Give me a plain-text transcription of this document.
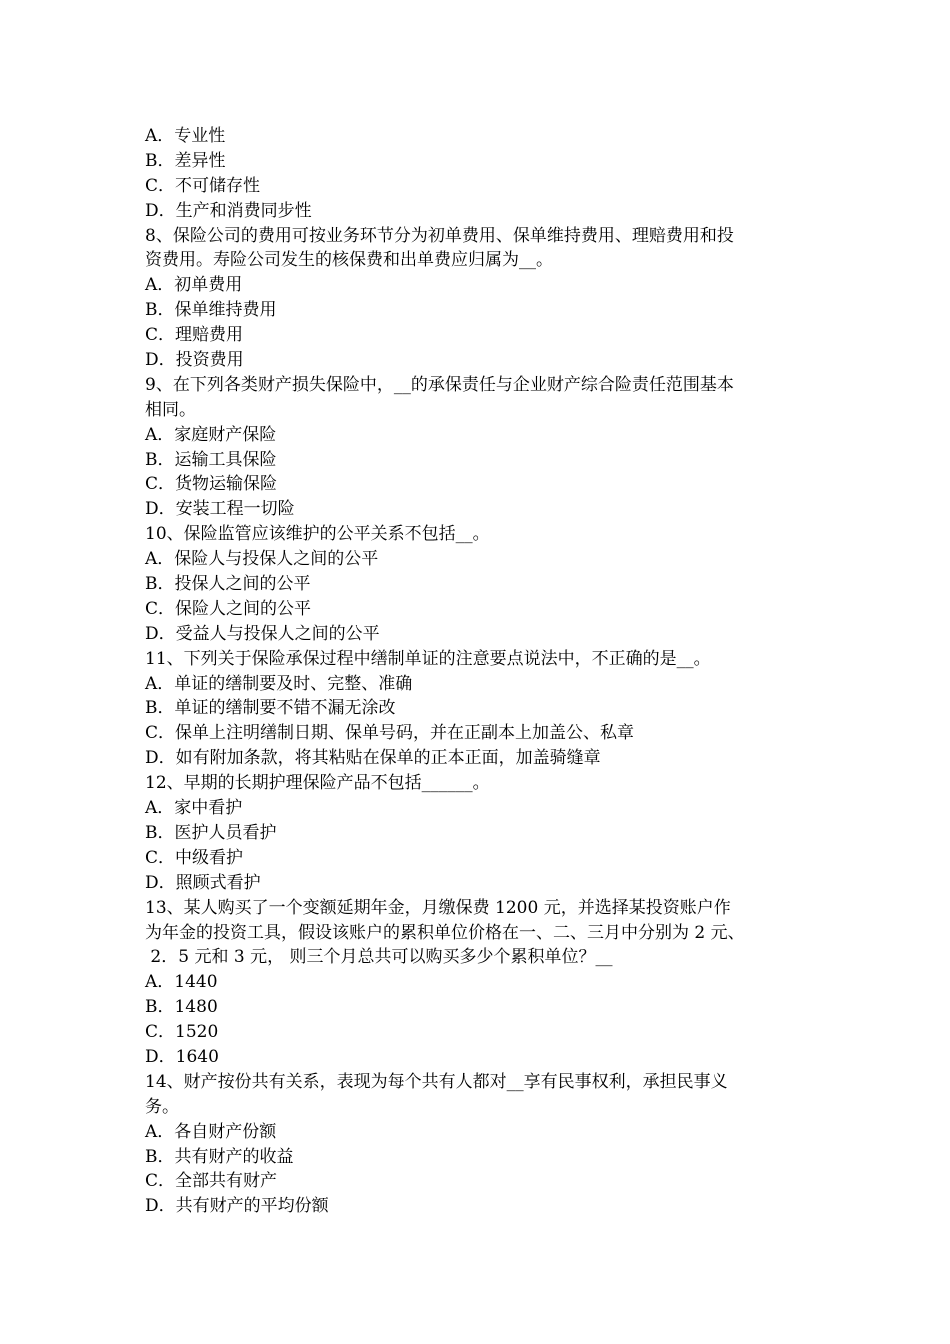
A．专业性
B．差异性
C．不可储存性
D．生产和消费同步性
8、保险公司的费用可按业务环节分为初单费用、保单维持费用、理赔费用和投
资费用。寿险公司发生的核保费和出单费应归属为__。
A．初单费用
B．保单维持费用
C．理赔费用
D．投资费用
9、在下列各类财产损失保险中，__的承保责任与企业财产综合险责任范围基本
相同。
A．家庭财产保险
B．运输工具保险
C．货物运输保险
D．安装工程一切险
10、保险监管应该维护的公平关系不包括__。
A．保险人与投保人之间的公平
B．投保人之间的公平
C．保险人之间的公平
D．受益人与投保人之间的公平
11、下列关于保险承保过程中缮制单证的注意要点说法中，不正确的是__。
A．单证的缮制要及时、完整、准确
B．单证的缮制要不错不漏无涂改
C．保单上注明缮制日期、保单号码，并在正副本上加盖公、私章
D．如有附加条款，将其粘贴在保单的正本正面，加盖骑缝章
12、早期的长期护理保险产品不包括______。
A．家中看护
B．医护人员看护
C．中级看护
D．照顾式看护
13、某人购买了一个变额延期年金，月缴保费 1200 元，并选择某投资账户作
为年金的投资工具，假设该账户的累积单位价格在一、二、三月中分别为 2 元、
2．5 元和 3 元， 则三个月总共可以购买多少个累积单位？__
A．1440
B．1480
C．1520
D．1640
14、财产按份共有关系，表现为每个共有人都对__享有民事权利，承担民事义
务。
A．各自财产份额
B．共有财产的收益
C．全部共有财产
D．共有财产的平均份额
